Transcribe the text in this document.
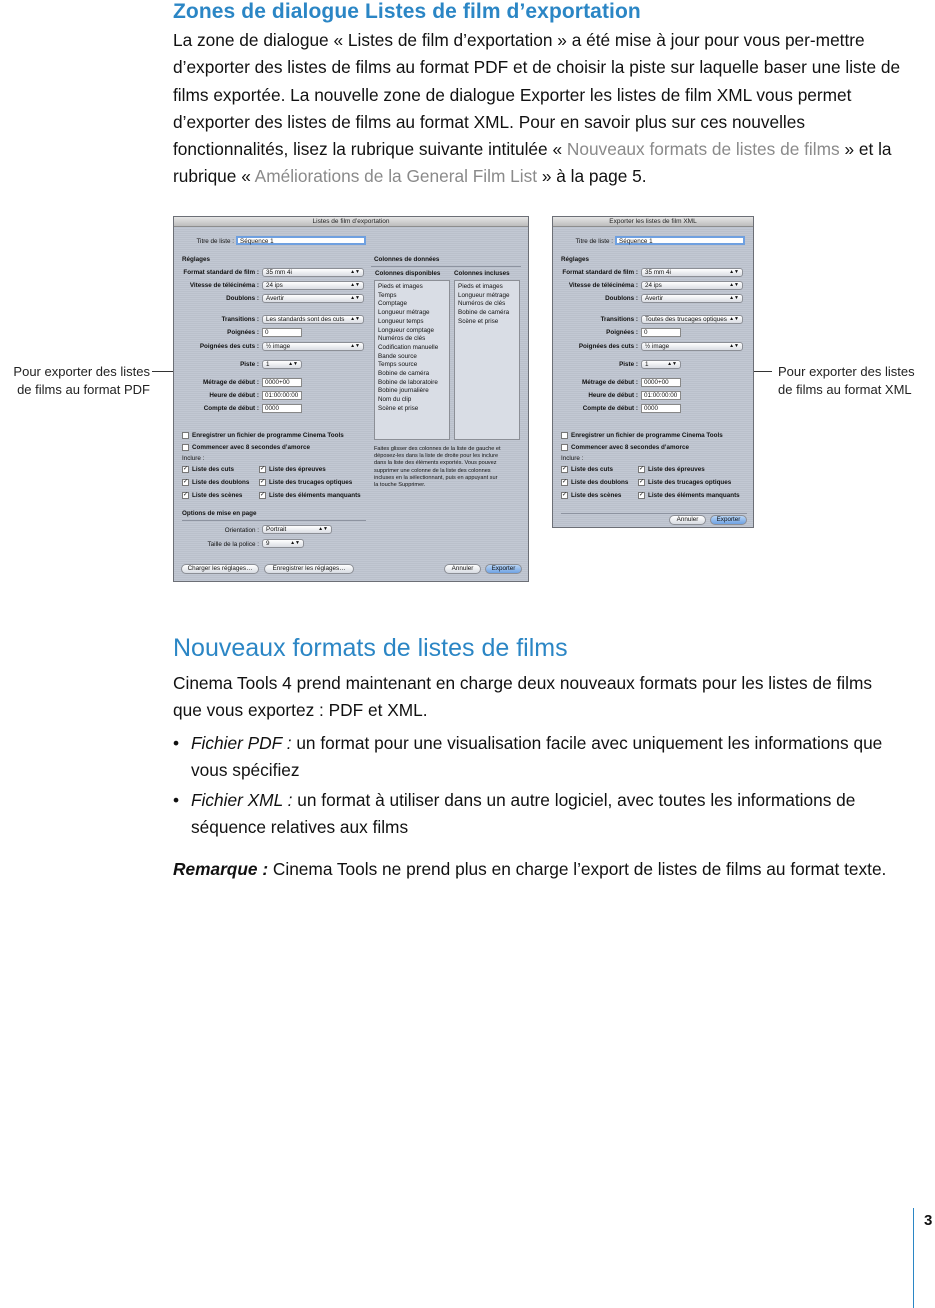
Zones de dialogue Listes de film d’exportation
La zone de dialogue « Listes de film d’exportation » a été mise à jour pour vous per-mettre d’exporter des listes de films au format PDF et de choisir la piste sur laquelle baser une liste de films exportée. La nouvelle zone de dialogue Exporter les listes de film XML vous permet d’exporter des listes de films au format XML. Pour en savoir plus sur ces nouvelles fonctionnalités, lisez la rubrique suivante intitulée « Nouveaux formats de listes de films » et la rubrique « Améliorations de la General Film List » à la page 5.
Pour exporter des listes de films au format PDF
Pour exporter des listes de films au format XML
Listes de film d’exportation
Titre de liste : Séquence 1
Réglages
Format standard de film :	35 mm 4i	▲▼
Vitesse de télécinéma :	24 ips	▲▼
Doublons :	Avertir	▲▼
Transitions :	Les standards sont des cuts ▲▼
Poignées : 0
Poignées des cuts :	½ image	▲▼
Piste :	1	▲▼
Métrage de début : 0000+00
Heure de début : 01:00:00:00
Compte de début : 0000
Enregistrer un fichier de programme Cinema Tools
Commencer avec 8 secondes d’amorce
Inclure :
✓ Liste des cuts	✓ Liste des épreuves
✓ Liste des doublons ✓ Liste des trucages optiques
✓ Liste des scènes	✓ Liste des éléments manquants
Options de mise en page
Orientation :	Portrait	▲▼
Taille de la police :	9	▲▼
Colonnes de données
Colonnes disponibles Colonnes incluses
Pieds et images
Temps
Comptage
Longueur métrage
Longueur temps
Longueur comptage
Numéros de clés
Codification manuelle
Bande source
Temps source
Bobine de caméra
Bobine de laboratoire
Bobine journalière
Nom du clip
Scène et prise
Pieds et images
Longueur métrage
Numéros de clés
Bobine de caméra
Scène et prise
Faites glisser des colonnes de la liste de gauche et
déposez-les dans la liste de droite pour les inclure
dans la liste des éléments exportés. Vous pouvez
supprimer une colonne de la liste des colonnes
incluses en la sélectionnant, puis en appuyant sur
la touche Supprimer.
Charger les réglages…	Enregistrer les réglages…	Annuler	Exporter
Exporter les listes de film XML
Titre de liste : Séquence 1
Réglages
Format standard de film :	35 mm 4i	▲▼
Vitesse de télécinéma :	24 ips	▲▼
Doublons :	Avertir	▲▼
Transitions :	Toutes des trucages optiques ▲▼
Poignées : 0
Poignées des cuts :	½ image	▲▼
Piste :	1	▲▼
Métrage de début : 0000+00
Heure de début : 01:00:00:00
Compte de début : 0000
Enregistrer un fichier de programme Cinema Tools
Commencer avec 8 secondes d’amorce
Inclure :
✓ Liste des cuts	✓ Liste des épreuves
✓ Liste des doublons ✓ Liste des trucages optiques
✓ Liste des scènes	✓ Liste des éléments manquants
Annuler	Exporter
Nouveaux formats de listes de films
Cinema Tools 4 prend maintenant en charge deux nouveaux formats pour les listes de films que vous exportez : PDF et XML.
• Fichier PDF : un format pour une visualisation facile avec uniquement les informations que vous spécifiez
• Fichier XML : un format à utiliser dans un autre logiciel, avec toutes les informations de séquence relatives aux films
Remarque : Cinema Tools ne prend plus en charge l’export de listes de films au format texte.
3
